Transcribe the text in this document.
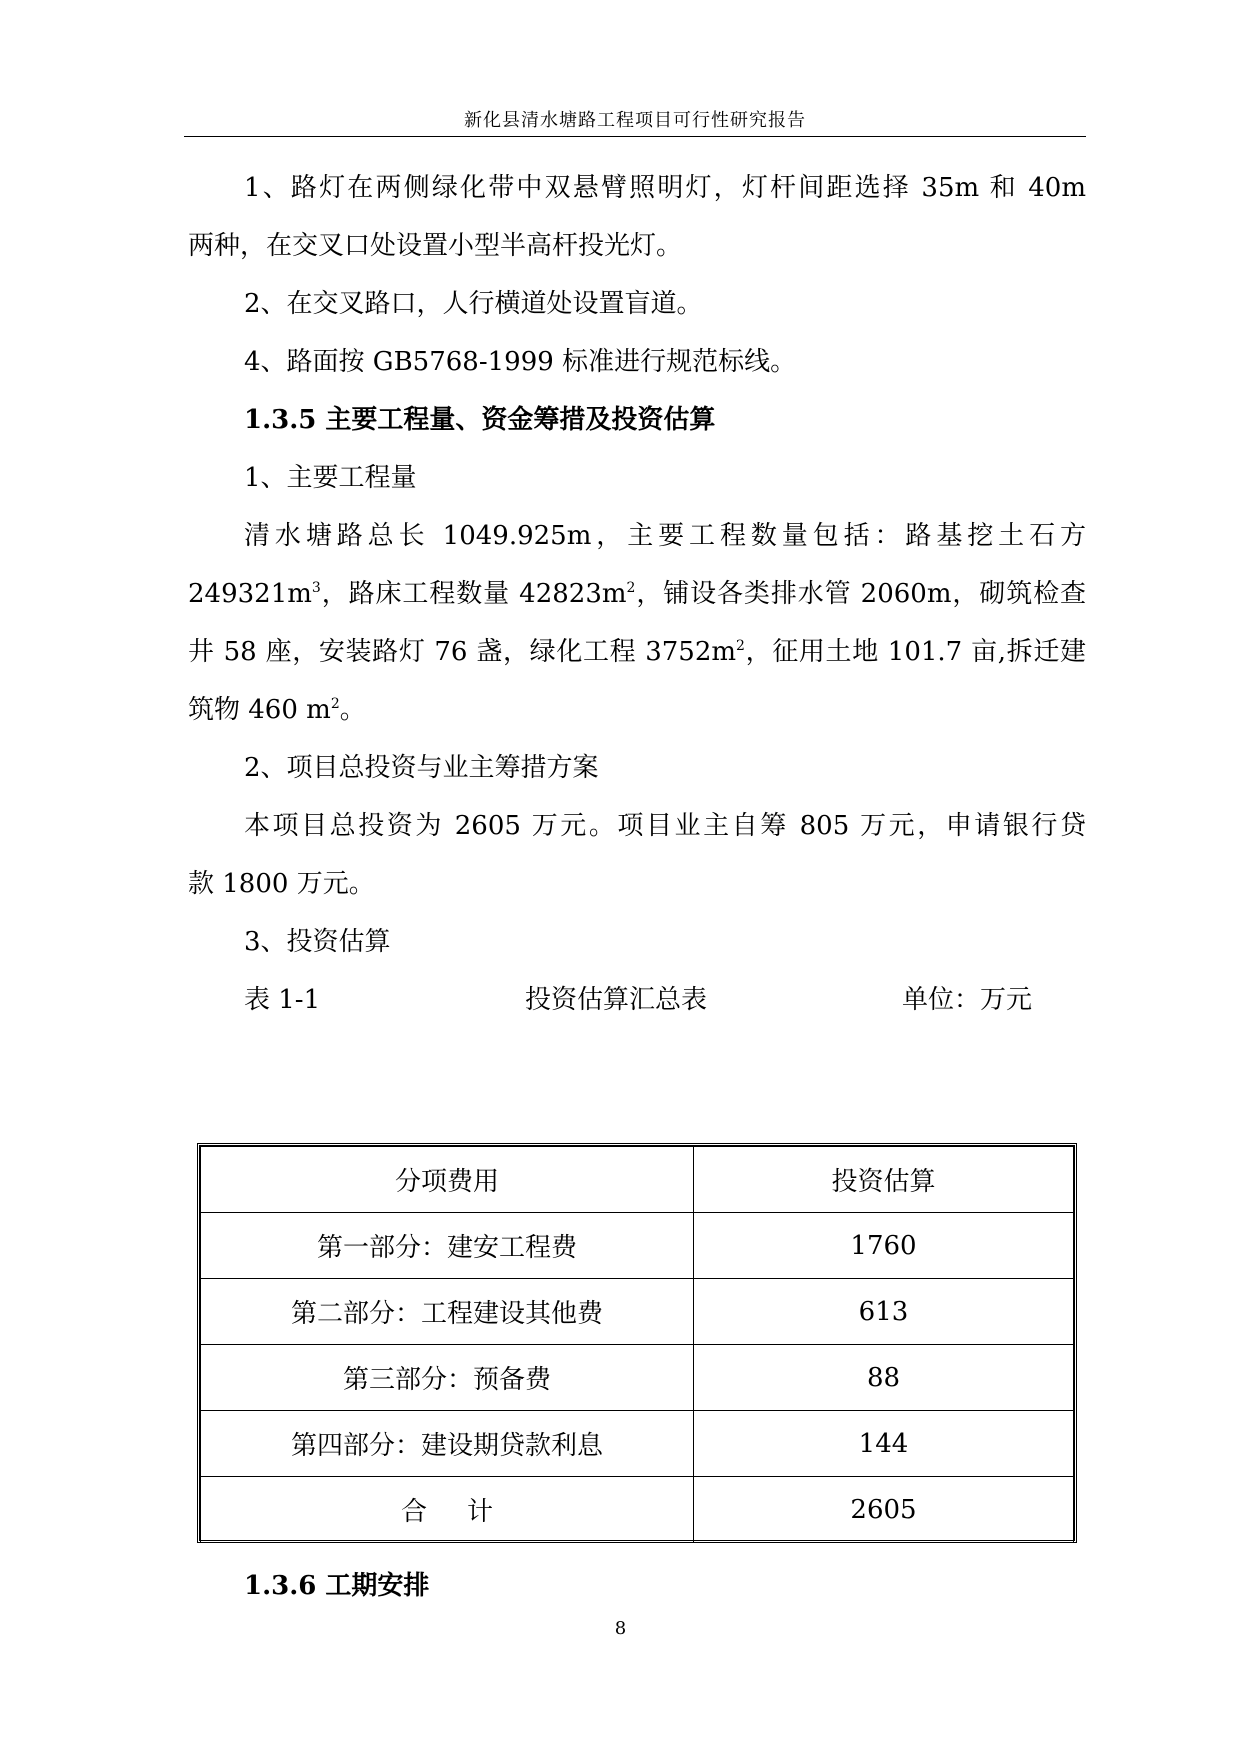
新化县清水塘路工程项目可行性研究报告
1、路灯在两侧绿化带中双悬臂照明灯，灯杆间距选择 35m 和 40m
两种，在交叉口处设置小型半高杆投光灯。
2、在交叉路口，人行横道处设置盲道。
4、路面按 GB5768-1999 标准进行规范标线。
1.3.5 主要工程量、资金筹措及投资估算
1、主要工程量
清水塘路总长 1049.925m，主要工程数量包括：路基挖土石方
$249321m^3$，路床工程数量 $42823m^2$，铺设各类排水管 2060m，砌筑检查
井 58 座，安装路灯 76 盏，绿化工程 $3752m^2$，征用土地 101.7 亩,拆迁建
筑物 460 $m^2$。
2、项目总投资与业主筹措方案
本项目总投资为 2605 万元。项目业主自筹 805 万元，申请银行贷
款 1800 万元。
3、投资估算
表 1-1	投资估算汇总表	单位：万元
分项费用	投资估算
第一部分：建安工程费	1760
第二部分：工程建设其他费	613
第三部分：预备费	88
第四部分：建设期贷款利息	144
合计	2605
1.3.6 工期安排
8
